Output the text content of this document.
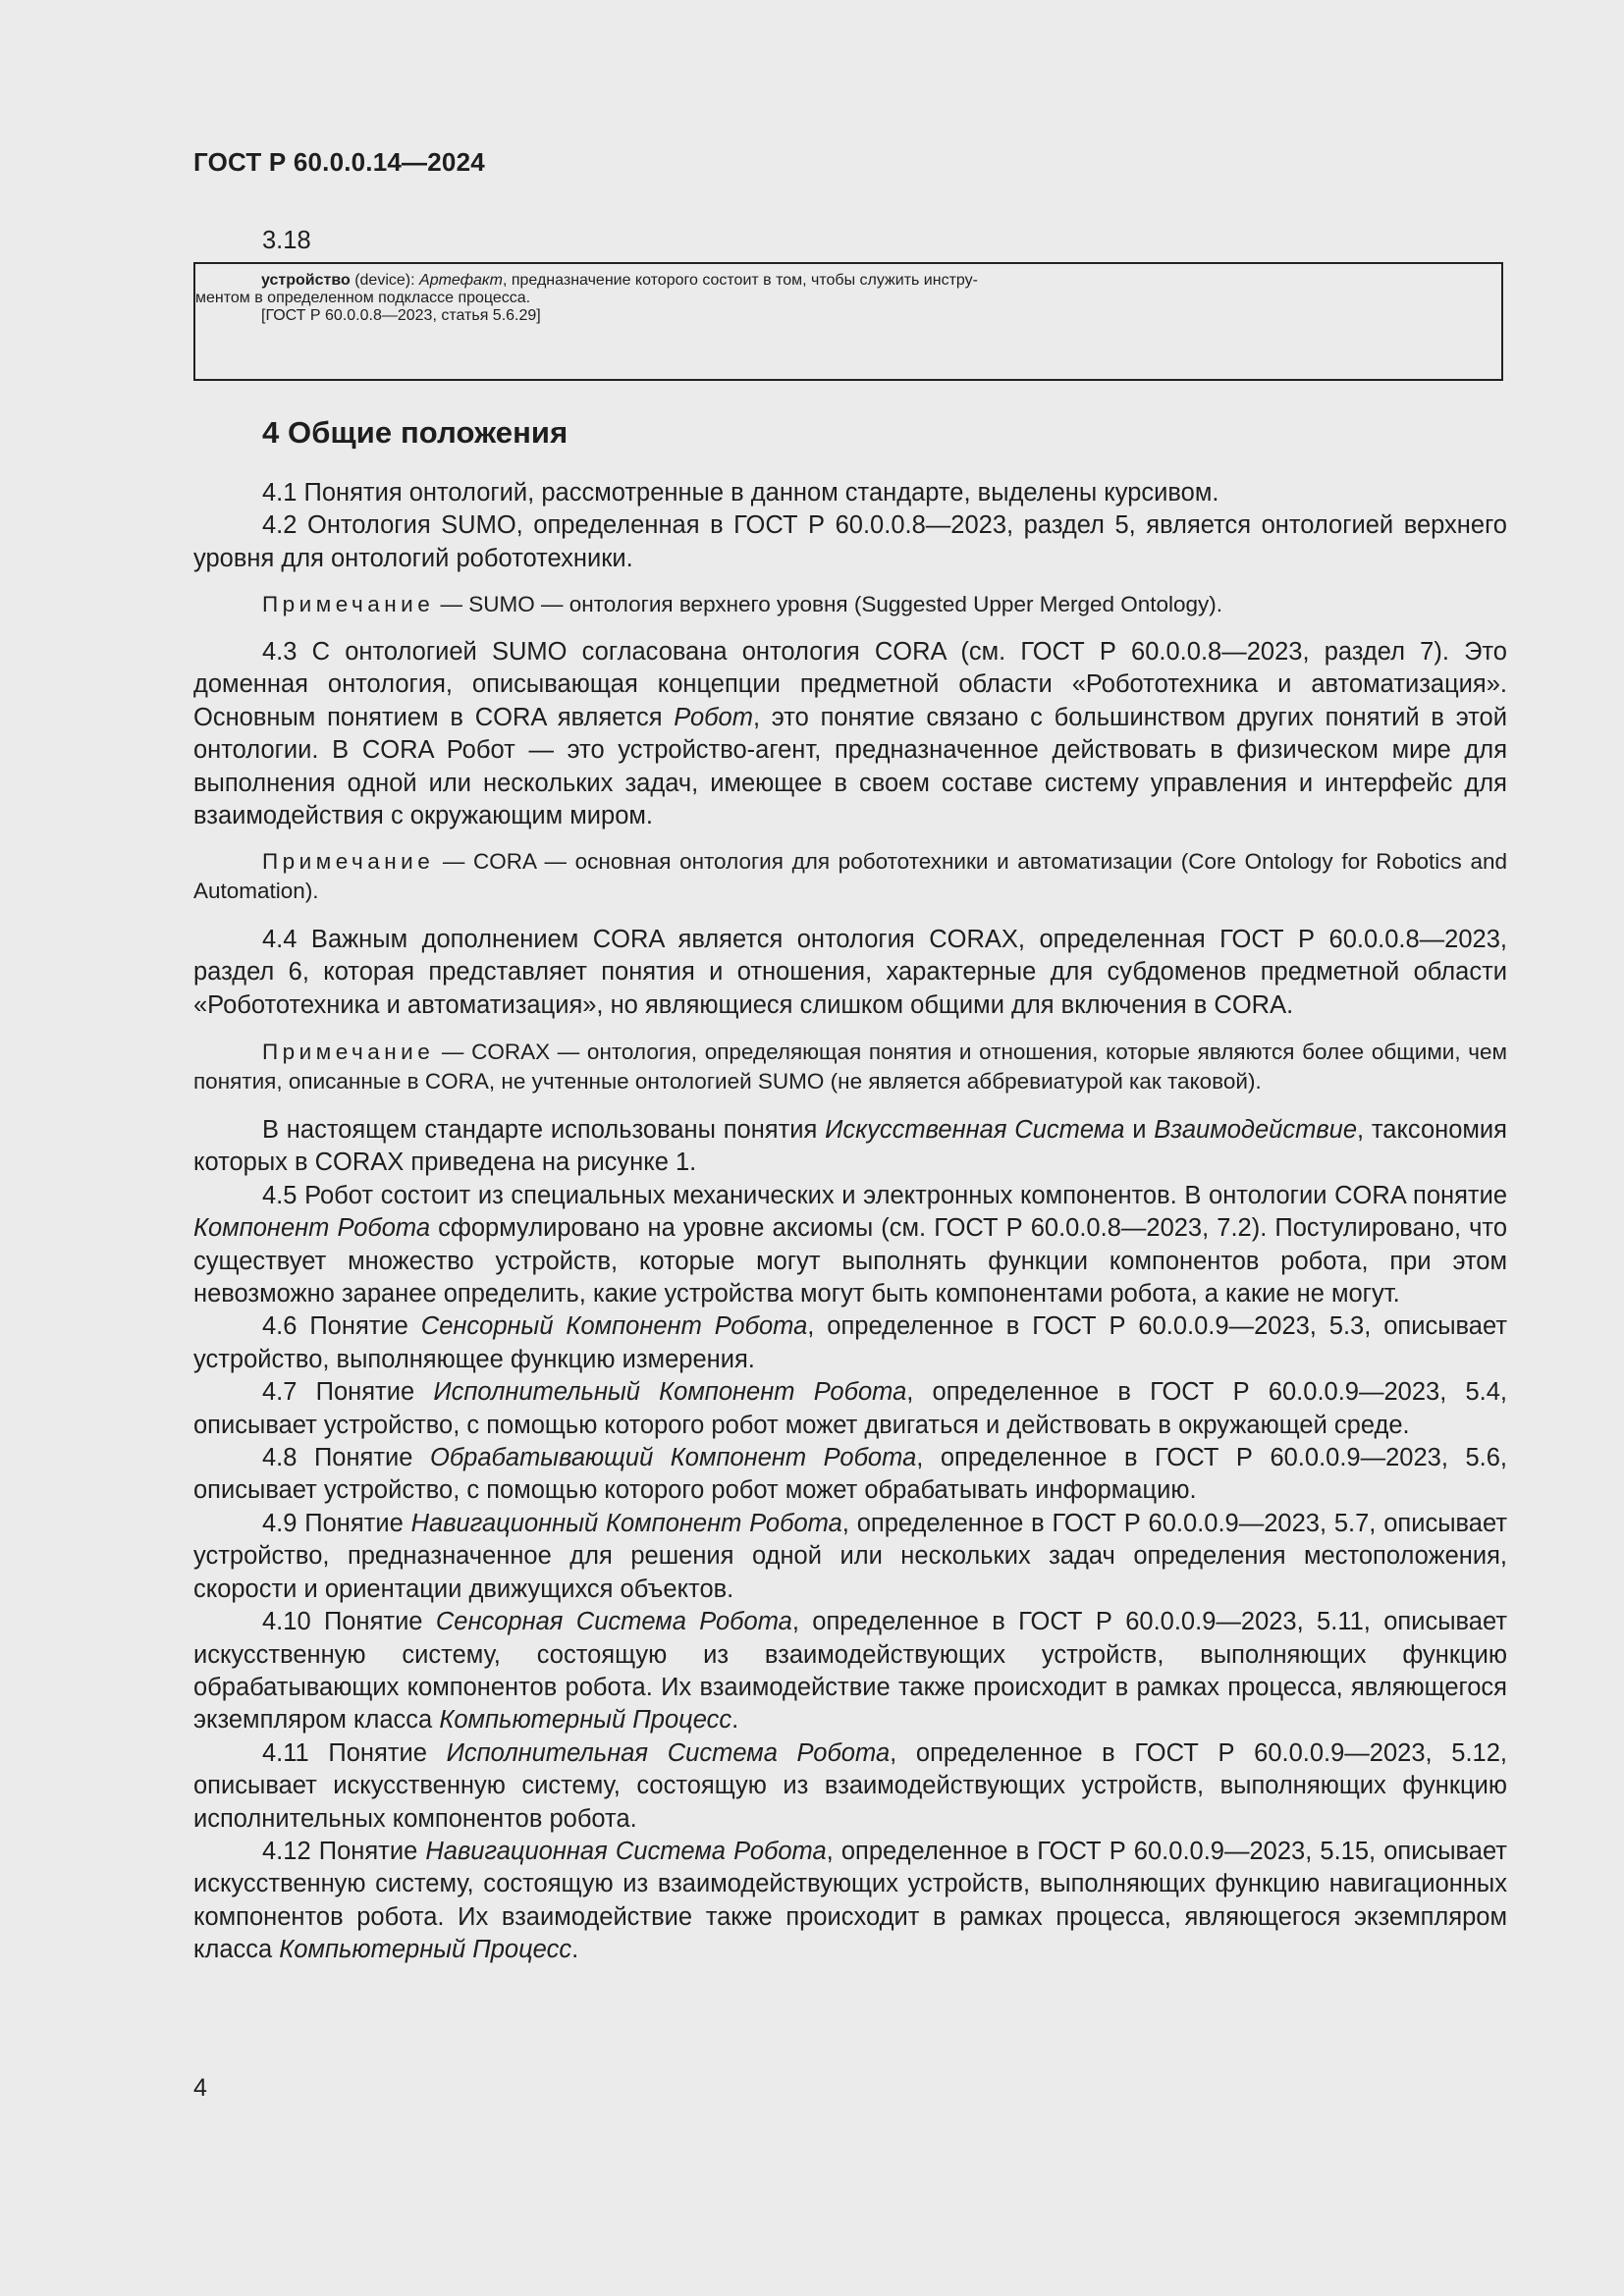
ГОСТ Р 60.0.0.14—2024
3.18

устройство (device): Артефакт, предназначение которого состоит в том, чтобы служить инстру-

ментом в определенном подклассе процесса.

[ГОСТ Р 60.0.0.8—2023, статья 5.6.29]

4 Общие положения

4.1 Понятия онтологий, рассмотренные в данном стандарте, выделены курсивом.

4.2 Онтология SUMO, определенная в ГОСТ Р 60.0.0.8—2023, раздел 5, является онтологией верхнего уровня для онтологий робототехники.

Примечание — SUMO — онтология верхнего уровня (Suggested Upper Merged Ontology).

4.3 С онтологией SUMO согласована онтология CORA (см. ГОСТ Р 60.0.0.8—2023, раздел 7). Это доменная онтология, описывающая концепции предметной области «Робототехника и автоматизация». Основным понятием в CORA является Робот, это понятие связано с большинством других понятий в этой онтологии. В CORA Робот — это устройство-агент, предназначенное действовать в физическом мире для выполнения одной или нескольких задач, имеющее в своем составе систему управления и интерфейс для взаимодействия с окружающим миром.

Примечание — CORA — основная онтология для робототехники и автоматизации (Core Ontology for Robotics and Automation).

4.4 Важным дополнением CORA является онтология CORAX, определенная ГОСТ Р 60.0.0.8—2023, раздел 6, которая представляет понятия и отношения, характерные для субдоменов предметной области «Робототехника и автоматизация», но являющиеся слишком общими для включения в CORA.

Примечание — CORAX — онтология, определяющая понятия и отношения, которые являются более общими, чем понятия, описанные в CORA, не учтенные онтологией SUMO (не является аббревиатурой как таковой).

В настоящем стандарте использованы понятия Искусственная Система и Взаимодействие, таксономия которых в CORAX приведена на рисунке 1.

4.5 Робот состоит из специальных механических и электронных компонентов. В онтологии CORA понятие Компонент Робота сформулировано на уровне аксиомы (см. ГОСТ Р 60.0.0.8—2023, 7.2). Постулировано, что существует множество устройств, которые могут выполнять функции компонентов робота, при этом невозможно заранее определить, какие устройства могут быть компонентами робота, а какие не могут.

4.6 Понятие Сенсорный Компонент Робота, определенное в ГОСТ Р 60.0.0.9—2023, 5.3, описывает устройство, выполняющее функцию измерения.

4.7 Понятие Исполнительный Компонент Робота, определенное в ГОСТ Р 60.0.0.9—2023, 5.4, описывает устройство, с помощью которого робот может двигаться и действовать в окружающей среде.

4.8 Понятие Обрабатывающий Компонент Робота, определенное в ГОСТ Р 60.0.0.9—2023, 5.6, описывает устройство, с помощью которого робот может обрабатывать информацию.

4.9 Понятие Навигационный Компонент Робота, определенное в ГОСТ Р 60.0.0.9—2023, 5.7, описывает устройство, предназначенное для решения одной или нескольких задач определения местоположения, скорости и ориентации движущихся объектов.

4.10 Понятие Сенсорная Система Робота, определенное в ГОСТ Р 60.0.0.9—2023, 5.11, описывает искусственную систему, состоящую из взаимодействующих устройств, выполняющих функцию обрабатывающих компонентов робота. Их взаимодействие также происходит в рамках процесса, являющегося экземпляром класса Компьютерный Процесс.

4.11 Понятие Исполнительная Система Робота, определенное в ГОСТ Р 60.0.0.9—2023, 5.12, описывает искусственную систему, состоящую из взаимодействующих устройств, выполняющих функцию исполнительных компонентов робота.

4.12 Понятие Навигационная Система Робота, определенное в ГОСТ Р 60.0.0.9—2023, 5.15, описывает искусственную систему, состоящую из взаимодействующих устройств, выполняющих функцию навигационных компонентов робота. Их взаимодействие также происходит в рамках процесса, являющегося экземпляром класса Компьютерный Процесс.

4
